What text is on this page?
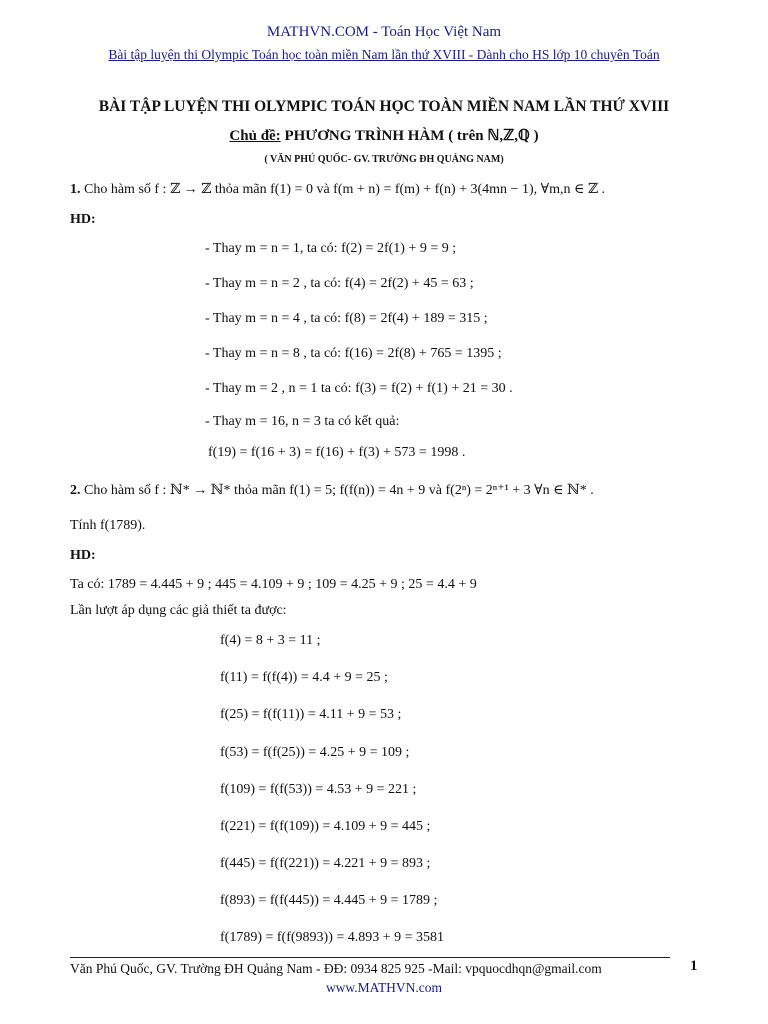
MATHVN.COM - Toán Học Việt Nam
Bài tập luyện thi Olympic Toán học toàn miền Nam lần thứ XVIII - Dành cho HS lớp 10 chuyên Toán
BÀI TẬP LUYỆN THI OLYMPIC TOÁN HỌC TOÀN MIỀN NAM LẦN THỨ XVIII
Chủ đề: PHƯƠNG TRÌNH HÀM ( trên ℕ,ℤ,ℚ )
( VĂN PHÚ QUỐC- GV. TRƯỜNG ĐH QUẢNG NAM)
1. Cho hàm số f : ℤ → ℤ thỏa mãn f(1) = 0 và f(m + n) = f(m) + f(n) + 3(4mn − 1), ∀m,n ∈ ℤ .
HD:
- Thay m = n = 1, ta có: f(2) = 2f(1) + 9 = 9 ;
- Thay m = n = 2 , ta có: f(4) = 2f(2) + 45 = 63 ;
- Thay m = n = 4 , ta có: f(8) = 2f(4) + 189 = 315 ;
- Thay m = n = 8 , ta có: f(16) = 2f(8) + 765 = 1395 ;
- Thay m = 2 , n = 1 ta có: f(3) = f(2) + f(1) + 21 = 30 .
- Thay m = 16, n = 3 ta có kết quả:
f(19) = f(16 + 3) = f(16) + f(3) + 573 = 1998 .
2. Cho hàm số f : ℕ* → ℕ* thỏa mãn f(1) = 5; f(f(n)) = 4n + 9 và f(2ⁿ) = 2ⁿ⁺¹ + 3 ∀n ∈ ℕ* .
Tính f(1789).
HD:
Ta có: 1789 = 4.445 + 9 ; 445 = 4.109 + 9 ; 109 = 4.25 + 9 ; 25 = 4.4 + 9
Lần lượt áp dụng các giả thiết ta được:
f(4) = 8 + 3 = 11 ;
f(11) = f(f(4)) = 4.4 + 9 = 25 ;
f(25) = f(f(11)) = 4.11 + 9 = 53 ;
f(53) = f(f(25)) = 4.25 + 9 = 109 ;
f(109) = f(f(53)) = 4.53 + 9 = 221 ;
f(221) = f(f(109)) = 4.109 + 9 = 445 ;
f(445) = f(f(221)) = 4.221 + 9 = 893 ;
f(893) = f(f(445)) = 4.445 + 9 = 1789 ;
f(1789) = f(f(9893)) = 4.893 + 9 = 3581
Văn Phú Quốc, GV. Trường ĐH Quảng Nam - ĐĐ: 0934 825 925 -Mail: vpquocdhqn@gmail.com	1
www.MATHVN.com
